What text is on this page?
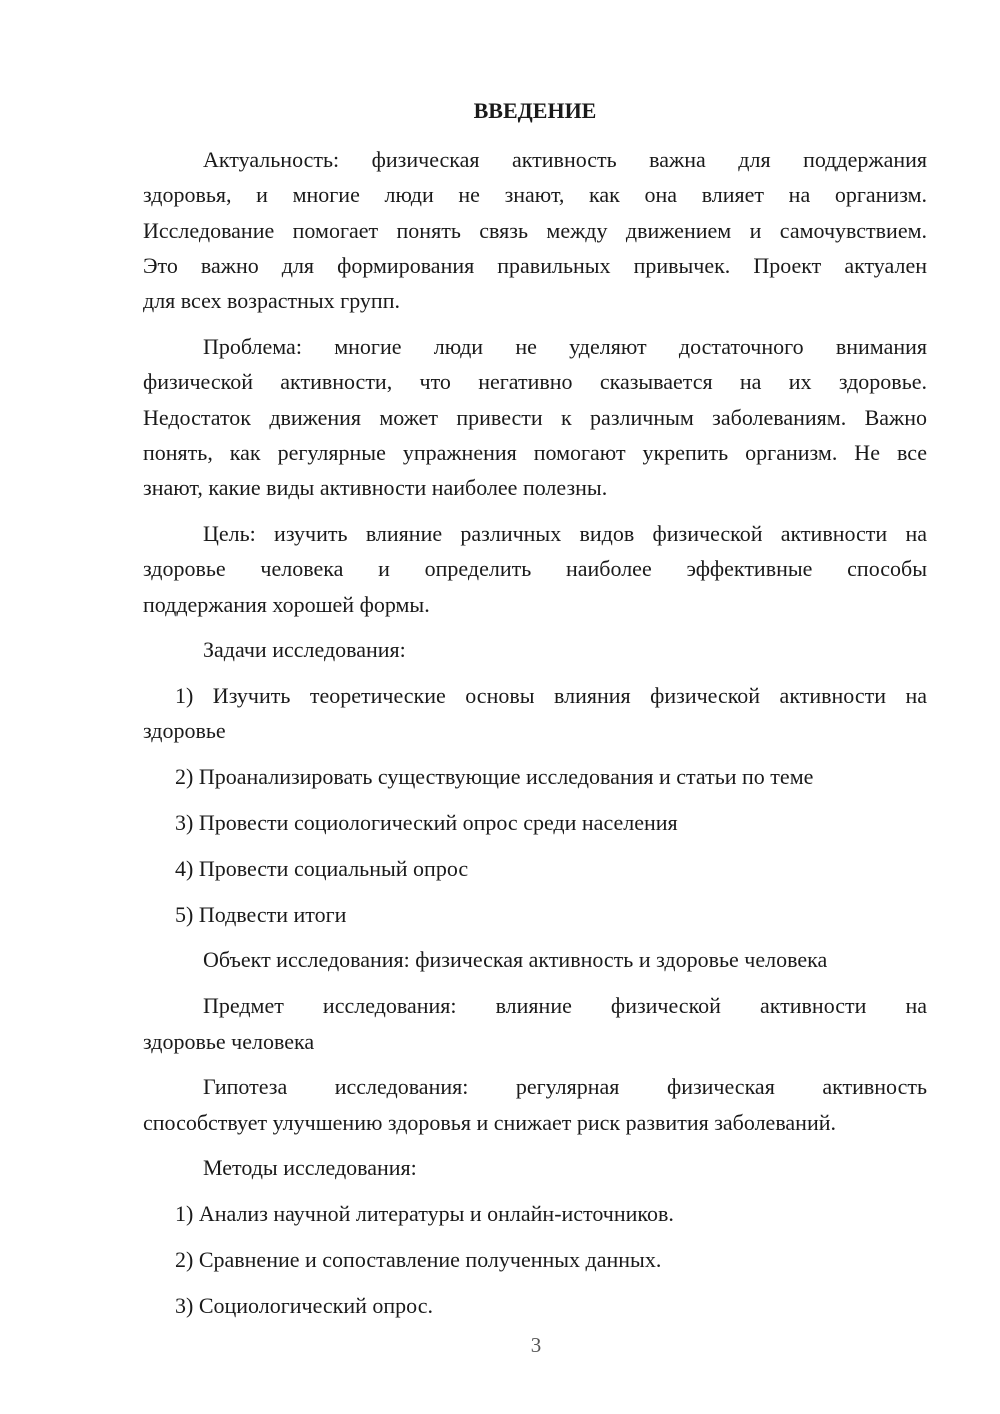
ВВЕДЕНИЕ
Актуальность: физическая активность важна для поддержания
здоровья, и многие люди не знают, как она влияет на организм.
Исследование помогает понять связь между движением и самочувствием.
Это важно для формирования правильных привычек. Проект актуален
для всех возрастных групп.
Проблема: многие люди не уделяют достаточного внимания
физической активности, что негативно сказывается на их здоровье.
Недостаток движения может привести к различным заболеваниям. Важно
понять, как регулярные упражнения помогают укрепить организм. Не все
знают, какие виды активности наиболее полезны.
Цель: изучить влияние различных видов физической активности на
здоровье человека и определить наиболее эффективные способы
поддержания хорошей формы.
Задачи исследования:
1) Изучить теоретические основы влияния физической активности на
здоровье
2) Проанализировать существующие исследования и статьи по теме
3) Провести социологический опрос среди населения
4) Провести социальный опрос
5) Подвести итоги
Объект исследования: физическая активность и здоровье человека
Предмет исследования: влияние физической активности на
здоровье человека
Гипотеза исследования: регулярная физическая активность
способствует улучшению здоровья и снижает риск развития заболеваний.
Методы исследования:
1) Анализ научной литературы и онлайн-источников.
2) Сравнение и сопоставление полученных данных.
3) Социологический опрос.
3
